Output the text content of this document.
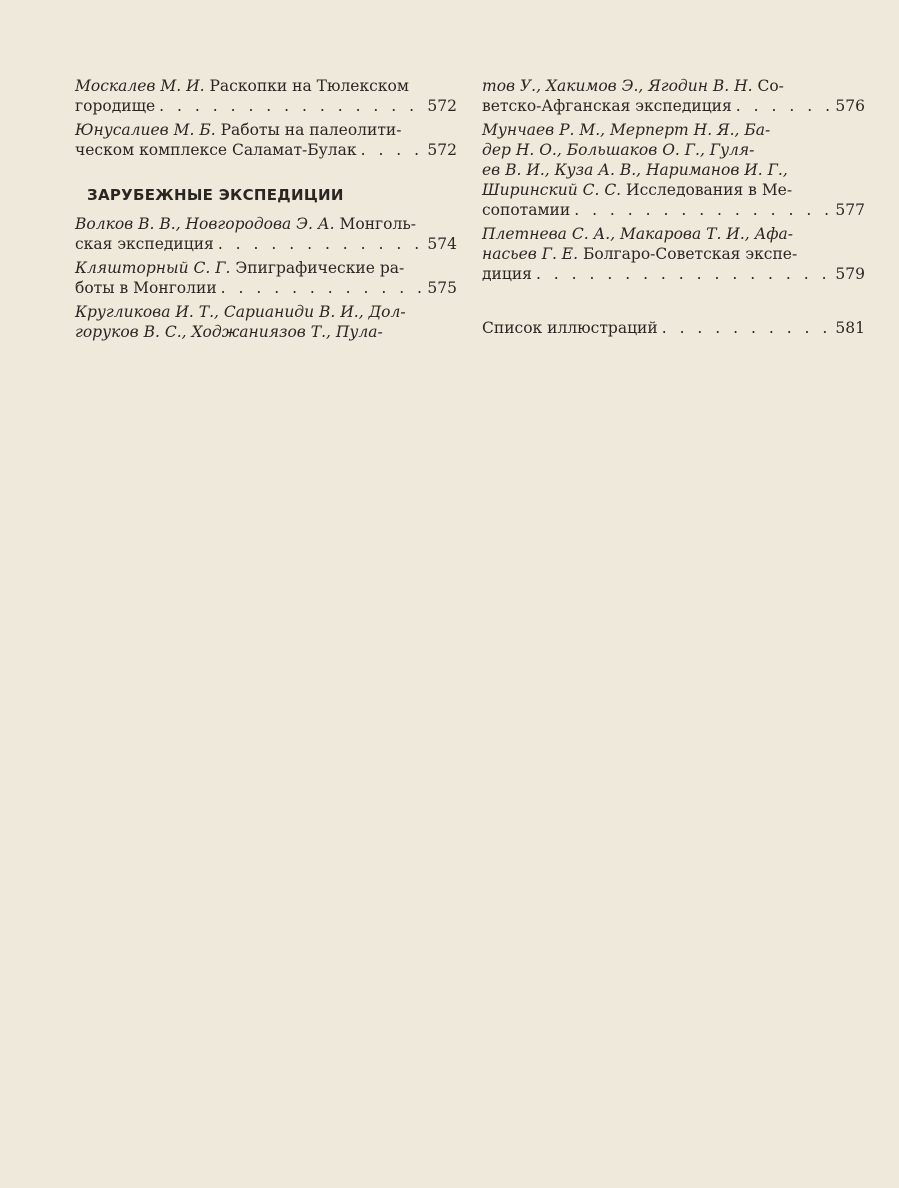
Москалев М. И. Раскопки на Тюлекском
городище . . .	572
Юнусалиев М. Б. Работы на палеолити-
ческом комплексе Саламат-Булак . . .	572
ЗАРУБЕЖНЫЕ ЭКСПЕДИЦИИ
Волков В. В., Новгородова Э. А. Монголь-
ская экспедиция . . .	574
Кляшторный С. Г. Эпиграфические ра-
боты в Монголии . . .	575
Кругликова И. Т., Сарианиди В. И., Дол-
горуков В. С., Ходжаниязов Т., Пула-
тов У., Хакимов Э., Ягодин В. Н. Со-
ветско-Афганская экспедиция . . .	576
Мунчаев Р. М., Мерперт Н. Я., Ба-
дер Н. О., Большаков О. Г., Гуля-
ев В. И., Куза А. В., Нариманов И. Г.,
Ширинский С. С. Исследования в Ме-
сопотамии . . .	577
Плетнева С. А., Макарова Т. И., Афа-
насьев Г. Е. Болгаро-Советская экспе-
диция . . .	579
Список иллюстраций . . .	581
